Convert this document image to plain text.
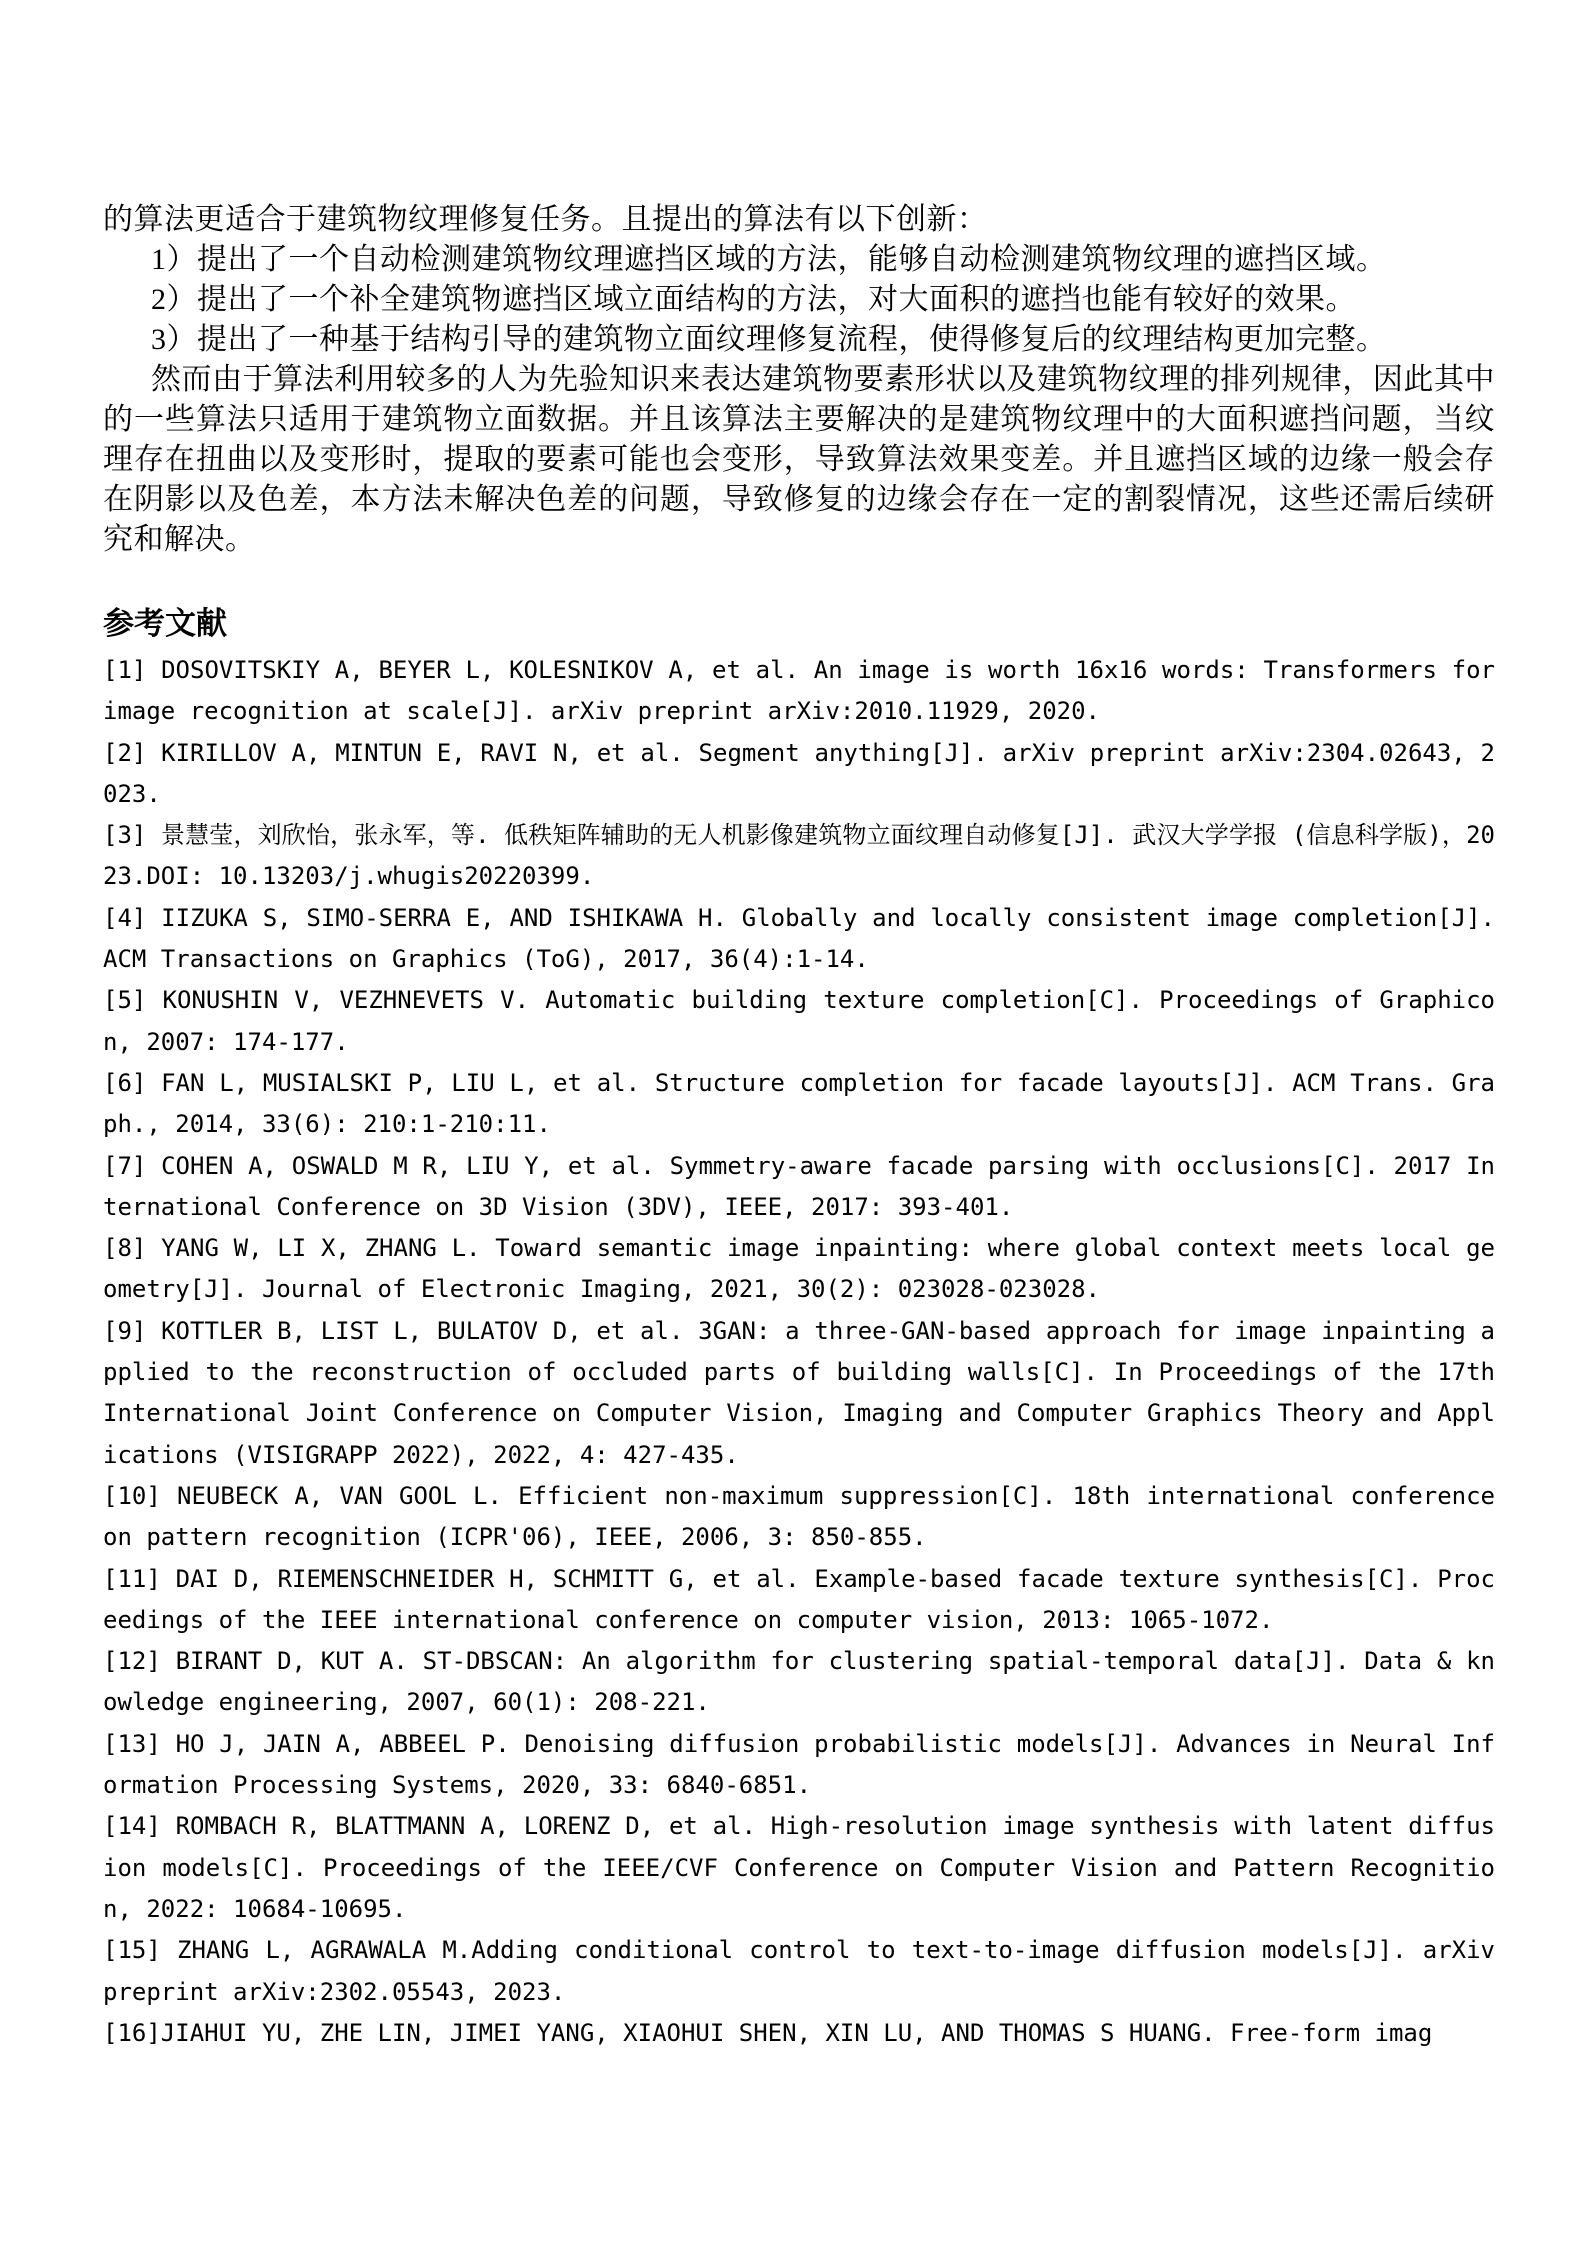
的算法更适合于建筑物纹理修复任务。且提出的算法有以下创新：

1）提出了一个自动检测建筑物纹理遮挡区域的方法，能够自动检测建筑物纹理的遮挡区域。

2）提出了一个补全建筑物遮挡区域立面结构的方法，对大面积的遮挡也能有较好的效果。

3）提出了一种基于结构引导的建筑物立面纹理修复流程，使得修复后的纹理结构更加完整。

然而由于算法利用较多的人为先验知识来表达建筑物要素形状以及建筑物纹理的排列规律，因此其中的一些算法只适用于建筑物立面数据。并且该算法主要解决的是建筑物纹理中的大面积遮挡问题，当纹理存在扭曲以及变形时，提取的要素可能也会变形，导致算法效果变差。并且遮挡区域的边缘一般会存在阴影以及色差，本方法未解决色差的问题，导致修复的边缘会存在一定的割裂情况，这些还需后续研究和解决。

参考文献

[1] DOSOVITSKIY A, BEYER L, KOLESNIKOV A, et al. An image is worth 16x16 words: Transformers for image recognition at scale[J]. arXiv preprint arXiv:2010.11929, 2020.

[2] KIRILLOV A, MINTUN E, RAVI N, et al. Segment anything[J]. arXiv preprint arXiv:2304.02643, 2023.

[3] 景慧莹，刘欣怡，张永军，等. 低秩矩阵辅助的无人机影像建筑物立面纹理自动修复[J]. 武汉大学学报 (信息科学版)，2023.DOI: 10.13203/j.whugis20220399.

[4] IIZUKA S, SIMO-SERRA E, AND ISHIKAWA H. Globally and locally consistent image completion[J]. ACM Transactions on Graphics (ToG), 2017, 36(4):1-14.

[5] KONUSHIN V, VEZHNEVETS V. Automatic building texture completion[C]. Proceedings of Graphicon, 2007: 174-177.

[6] FAN L, MUSIALSKI P, LIU L, et al. Structure completion for facade layouts[J]. ACM Trans. Graph., 2014, 33(6): 210:1-210:11.

[7] COHEN A, OSWALD M R, LIU Y, et al. Symmetry-aware facade parsing with occlusions[C]. 2017 International Conference on 3D Vision (3DV), IEEE, 2017: 393-401.

[8] YANG W, LI X, ZHANG L. Toward semantic image inpainting: where global context meets local geometry[J]. Journal of Electronic Imaging, 2021, 30(2): 023028-023028.

[9] KOTTLER B, LIST L, BULATOV D, et al. 3GAN: a three-GAN-based approach for image inpainting applied to the reconstruction of occluded parts of building walls[C]. In Proceedings of the 17th International Joint Conference on Computer Vision, Imaging and Computer Graphics Theory and Applications (VISIGRAPP 2022), 2022, 4: 427-435.

[10] NEUBECK A, VAN GOOL L. Efficient non-maximum suppression[C]. 18th international conference on pattern recognition (ICPR'06), IEEE, 2006, 3: 850-855.

[11] DAI D, RIEMENSCHNEIDER H, SCHMITT G, et al. Example-based facade texture synthesis[C]. Proceedings of the IEEE international conference on computer vision, 2013: 1065-1072.

[12] BIRANT D, KUT A. ST-DBSCAN: An algorithm for clustering spatial-temporal data[J]. Data & knowledge engineering, 2007, 60(1): 208-221.

[13] HO J, JAIN A, ABBEEL P. Denoising diffusion probabilistic models[J]. Advances in Neural Information Processing Systems, 2020, 33: 6840-6851.

[14] ROMBACH R, BLATTMANN A, LORENZ D, et al. High-resolution image synthesis with latent diffusion models[C]. Proceedings of the IEEE/CVF Conference on Computer Vision and Pattern Recognition, 2022: 10684-10695.

[15] ZHANG L, AGRAWALA M.Adding conditional control to text-to-image diffusion models[J]. arXiv preprint arXiv:2302.05543, 2023.

[16]JIAHUI YU, ZHE LIN, JIMEI YANG, XIAOHUI SHEN, XIN LU, AND THOMAS S HUANG. Free-form imag
